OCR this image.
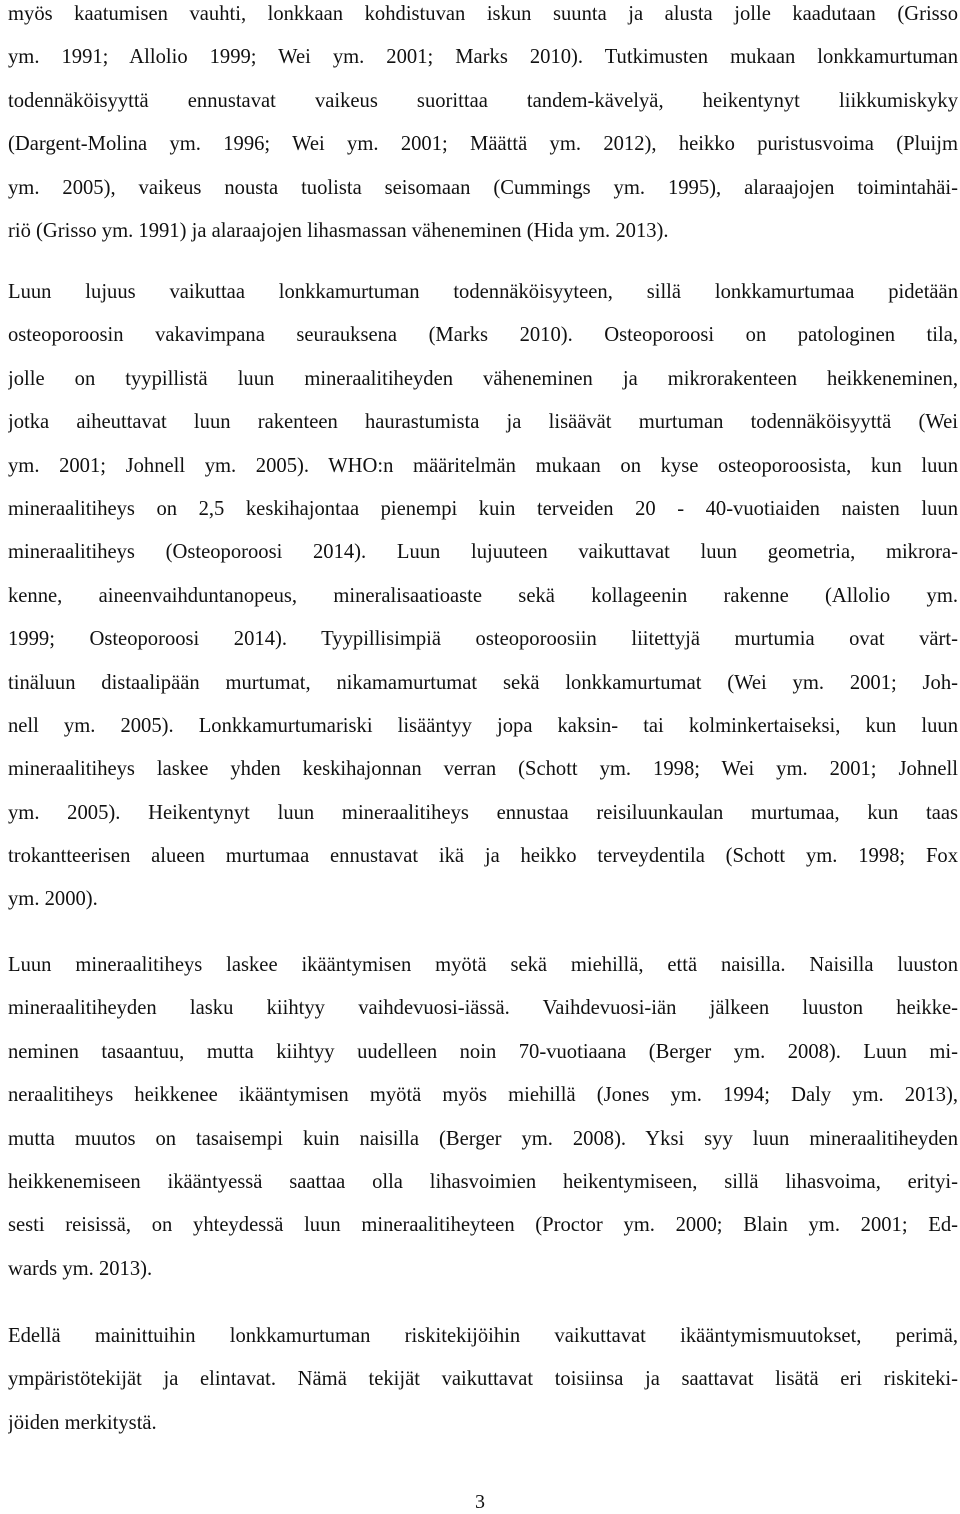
myös kaatumisen vauhti, lonkkaan kohdistuvan iskun suunta ja alusta jolle kaadutaan (Grisso
ym. 1991; Allolio 1999; Wei ym. 2001; Marks 2010). Tutkimusten mukaan lonkkamurtuman
todennäköisyyttä ennustavat vaikeus suorittaa tandem-kävelyä, heikentynyt liikkumiskyky
(Dargent-Molina ym. 1996; Wei ym. 2001; Määttä ym. 2012), heikko puristusvoima (Pluijm
ym. 2005), vaikeus nousta tuolista seisomaan (Cummings ym. 1995), alaraajojen toimintahäi-
riö (Grisso ym. 1991) ja alaraajojen lihasmassan väheneminen (Hida ym. 2013).
Luun lujuus vaikuttaa lonkkamurtuman todennäköisyyteen, sillä lonkkamurtumaa pidetään
osteoporoosin vakavimpana seurauksena (Marks 2010). Osteoporoosi on patologinen tila,
jolle on tyypillistä luun mineraalitiheyden väheneminen ja mikrorakenteen heikkeneminen,
jotka aiheuttavat luun rakenteen haurastumista ja lisäävät murtuman todennäköisyyttä (Wei
ym. 2001; Johnell ym. 2005). WHO:n määritelmän mukaan on kyse osteoporoosista, kun luun
mineraalitiheys on 2,5 keskihajontaa pienempi kuin terveiden 20 - 40-vuotiaiden naisten luun
mineraalitiheys (Osteoporoosi 2014). Luun lujuuteen vaikuttavat luun geometria, mikrora-
kenne, aineenvaihduntanopeus, mineralisaatioaste sekä kollageenin rakenne (Allolio ym.
1999; Osteoporoosi 2014). Tyypillisimpiä osteoporoosiin liitettyjä murtumia ovat värt-
tinäluun distaalipään murtumat, nikamamurtumat sekä lonkkamurtumat (Wei ym. 2001; Joh-
nell ym. 2005). Lonkkamurtumariski lisääntyy jopa kaksin- tai kolminkertaiseksi, kun luun
mineraalitiheys laskee yhden keskihajonnan verran (Schott ym. 1998; Wei ym. 2001; Johnell
ym. 2005). Heikentynyt luun mineraalitiheys ennustaa reisiluunkaulan murtumaa, kun taas
trokantteerisen alueen murtumaa ennustavat ikä ja heikko terveydentila (Schott ym. 1998; Fox
ym. 2000).
Luun mineraalitiheys laskee ikääntymisen myötä sekä miehillä, että naisilla. Naisilla luuston
mineraalitiheyden lasku kiihtyy vaihdevuosi-iässä. Vaihdevuosi-iän jälkeen luuston heikke-
neminen tasaantuu, mutta kiihtyy uudelleen noin 70-vuotiaana (Berger ym. 2008). Luun mi-
neraalitiheys heikkenee ikääntymisen myötä myös miehillä (Jones ym. 1994; Daly ym. 2013),
mutta muutos on tasaisempi kuin naisilla (Berger ym. 2008). Yksi syy luun mineraalitiheyden
heikkenemiseen ikääntyessä saattaa olla lihasvoimien heikentymiseen, sillä lihasvoima, erityi-
sesti reisissä, on yhteydessä luun mineraalitiheyteen (Proctor ym. 2000; Blain ym. 2001; Ed-
wards ym. 2013).
Edellä mainittuihin lonkkamurtuman riskitekijöihin vaikuttavat ikääntymismuutokset, perimä,
ympäristötekijät ja elintavat. Nämä tekijät vaikuttavat toisiinsa ja saattavat lisätä eri riskiteki-
jöiden merkitystä.
3
